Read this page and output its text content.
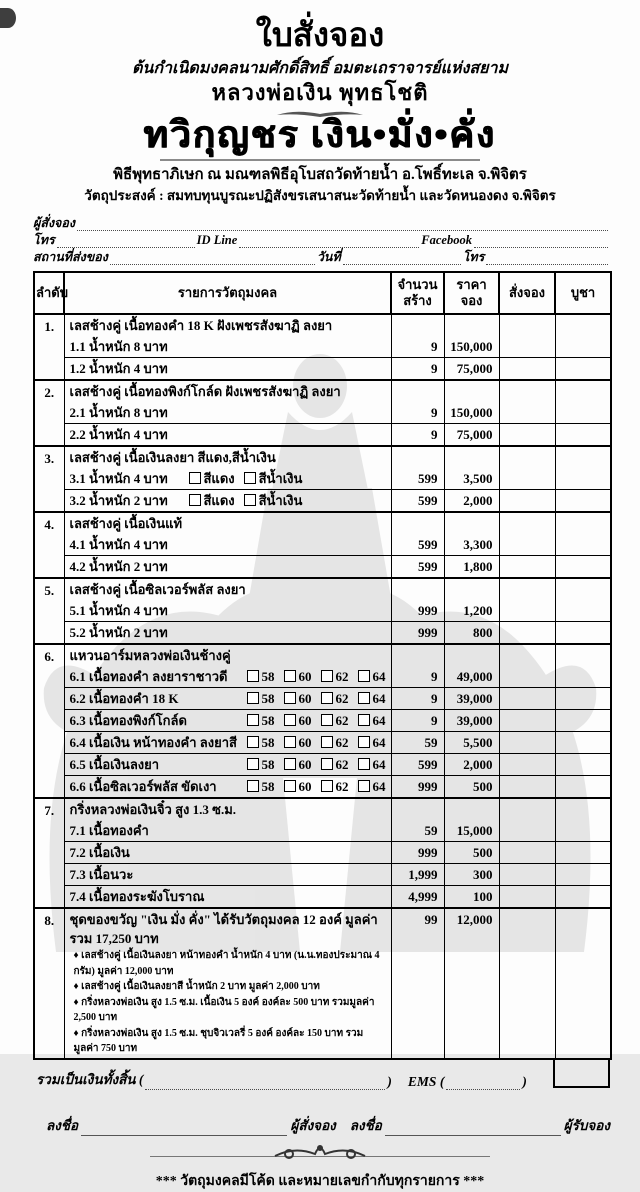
ใบสั่งจอง
ต้นกำเนิดมงคลนามศักดิ์สิทธิ์ อมตะเถราจารย์แห่งสยาม
หลวงพ่อเงิน พุทธโชติ
ทวิกุญชร เงิน•มั่ง•คั่ง
พิธีพุทธาภิเษก ณ มณฑลพิธีอุโบสถวัดท้ายน้ำ อ.โพธิ์ทะเล จ.พิจิตร
วัตถุประสงค์ : สมทบทุนบูรณะปฏิสังขรเสนาสนะวัดท้ายน้ำ และวัดหนองดง จ.พิจิตร
ผู้สั่งจอง
โทร	ID Line	Facebook
สถานที่ส่งของ	วันที่	โทร
ลำดับ	รายการวัตถุมงคล	จำนวนสร้าง	ราคาจอง	สั่งจอง	บูชา
1.	เลสช้างคู่ เนื้อทองคำ 18 K ฝังเพชรสังฆาฏิ ลงยา				

	1.1 น้ำหนัก 8 บาท	9	150,000		
	1.2 น้ำหนัก 4 บาท	9	75,000		
2.	เลสช้างคู่ เนื้อทองพิงก์โกล์ด ฝังเพชรสังฆาฏิ ลงยา				

	2.1 น้ำหนัก 8 บาท	9	150,000		
	2.2 น้ำหนัก 4 บาท	9	75,000		
3.	เลสช้างคู่ เนื้อเงินลงยา สีแดง,สีน้ำเงิน				

	3.1 น้ำหนัก 4 บาท สีแดง สีน้ำเงิน	599	3,500		
	3.2 น้ำหนัก 2 บาท สีแดง สีน้ำเงิน	599	2,000		
4.	เลสช้างคู่ เนื้อเงินแท้				

	4.1 น้ำหนัก 4 บาท	599	3,300		
	4.2 น้ำหนัก 2 บาท	599	1,800		
5.	เลสช้างคู่ เนื้อซิลเวอร์พลัส ลงยา				

	5.1 น้ำหนัก 4 บาท	999	1,200		
	5.2 น้ำหนัก 2 บาท	999	800		
6.	แหวนอาร์มหลวงพ่อเงินช้างคู่				

	6.1 เนื้อทองคำ ลงยาราชาวดี 58 60 62 64	9	49,000		
	6.2 เนื้อทองคำ 18 K 58 60 62 64	9	39,000		
	6.3 เนื้อทองพิงก์โกล์ด 58 60 62 64	9	39,000		
	6.4 เนื้อเงิน หน้าทองคำ ลงยาสี 58 60 62 64	59	5,500		
	6.5 เนื้อเงินลงยา 58 60 62 64	599	2,000		
	6.6 เนื้อซิลเวอร์พลัส ขัดเงา 58 60 62 64	999	500		
7.	กริ่งหลวงพ่อเงินจิ๋ว สูง 1.3 ซ.ม.				

	7.1 เนื้อทองคำ	59	15,000		
	7.2 เนื้อเงิน	999	500		
	7.3 เนื้อนวะ	1,999	300		
	7.4 เนื้อทองระฆังโบราณ	4,999	100		
8.	ชุดของขวัญ "เงิน มั่ง คั่ง" ได้รับวัตถุมงคล 12 องค์ มูลค่ารวม 17,250 บาท
♦ เลสช้างคู่ เนื้อเงินลงยา หน้าทองคำ น้ำหนัก 4 บาท (น.น.ทองประมาณ 4 กรัม) มูลค่า 12,000 บาท
♦ เลสช้างคู่ เนื้อเงินลงยาสี น้ำหนัก 2 บาท มูลค่า 2,000 บาท
♦ กริ่งหลวงพ่อเงิน สูง 1.5 ซ.ม. เนื้อเงิน 5 องค์ องค์ละ 500 บาท รวมมูลค่า 2,500 บาท
♦ กริ่งหลวงพ่อเงิน สูง 1.5 ซ.ม. ชุบจิวเวลรี่ 5 องค์ องค์ละ 150 บาท รวมมูลค่า 750 บาท	99	12,000		
รวมเป็นเงินทั้งสิ้น (	) EMS (	)
ลงชื่อ	ผู้สั่งจอง ลงชื่อ	ผู้รับจอง
*** วัตถุมงคลมีโค้ด และหมายเลขกำกับทุกรายการ ***
